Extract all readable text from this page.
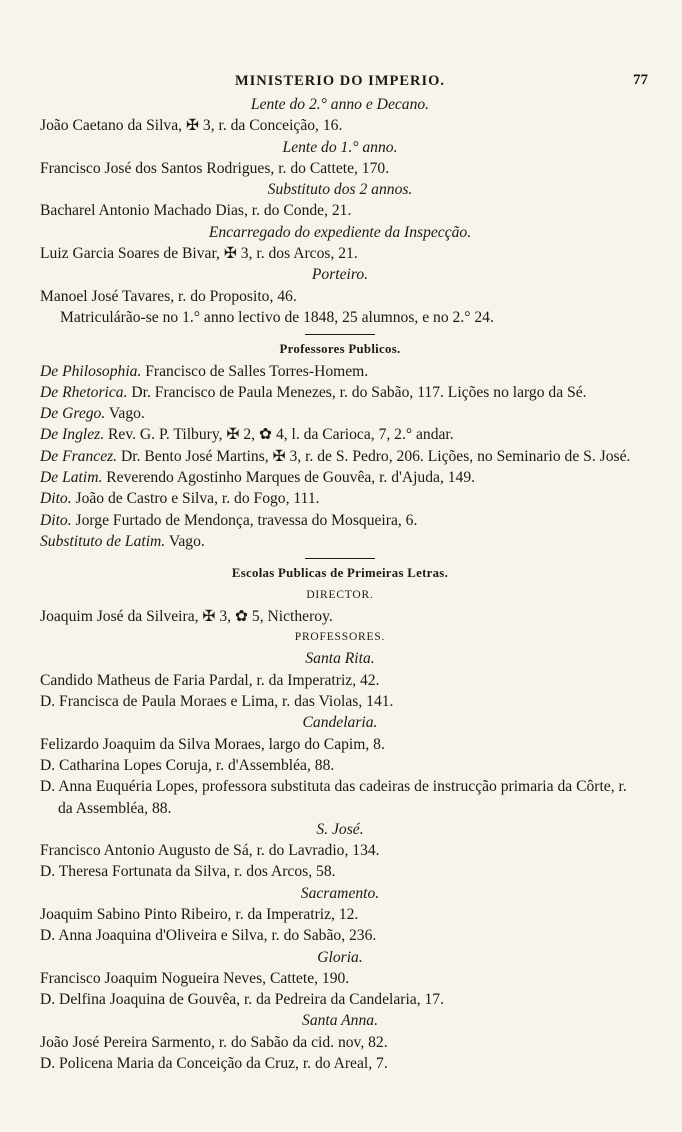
MINISTERIO DO IMPERIO.	77
Lente do 2.° anno e Decano.
João Caetano da Silva, ✠ 3, r. da Conceição, 16.
Lente do 1.° anno.
Francisco José dos Santos Rodrigues, r. do Cattete, 170.
Substituto dos 2 annos.
Bacharel Antonio Machado Dias, r. do Conde, 21.
Encarregado do expediente da Inspecção.
Luiz Garcia Soares de Bivar, ✠ 3, r. dos Arcos, 21.
Porteiro.
Manoel José Tavares, r. do Proposito, 46.
Matriculárão-se no 1.° anno lectivo de 1848, 25 alumnos, e no 2.° 24.
Professores Publicos.
De Philosophia. Francisco de Salles Torres-Homem.
De Rhetorica. Dr. Francisco de Paula Menezes, r. do Sabão, 117. Lições no largo da Sé.
De Grego. Vago.
De Inglez. Rev. G. P. Tilbury, ✠ 2, ✿ 4, l. da Carioca, 7, 2.° andar.
De Francez. Dr. Bento José Martins, ✠ 3, r. de S. Pedro, 206. Lições, no Seminario de S. José.
De Latim. Reverendo Agostinho Marques de Gouvêa, r. d'Ajuda, 149.
Dito. João de Castro e Silva, r. do Fogo, 111.
Dito. Jorge Furtado de Mendonça, travessa do Mosqueira, 6.
Substituto de Latim. Vago.
Escolas Publicas de Primeiras Letras.
DIRECTOR.
Joaquim José da Silveira, ✠ 3, ✿ 5, Nictheroy.
PROFESSORES.
Santa Rita.
Candido Matheus de Faria Pardal, r. da Imperatriz, 42.
D. Francisca de Paula Moraes e Lima, r. das Violas, 141.
Candelaria.
Felizardo Joaquim da Silva Moraes, largo do Capim, 8.
D. Catharina Lopes Coruja, r. d'Assembléa, 88.
D. Anna Euquéria Lopes, professora substituta das cadeiras de instrucção primaria da Côrte, r. da Assembléa, 88.
S. José.
Francisco Antonio Augusto de Sá, r. do Lavradio, 134.
D. Theresa Fortunata da Silva, r. dos Arcos, 58.
Sacramento.
Joaquim Sabino Pinto Ribeiro, r. da Imperatriz, 12.
D. Anna Joaquina d'Oliveira e Silva, r. do Sabão, 236.
Gloria.
Francisco Joaquim Nogueira Neves, Cattete, 190.
D. Delfina Joaquina de Gouvêa, r. da Pedreira da Candelaria, 17.
Santa Anna.
João José Pereira Sarmento, r. do Sabão da cid. nov, 82.
D. Policena Maria da Conceição da Cruz, r. do Areal, 7.
